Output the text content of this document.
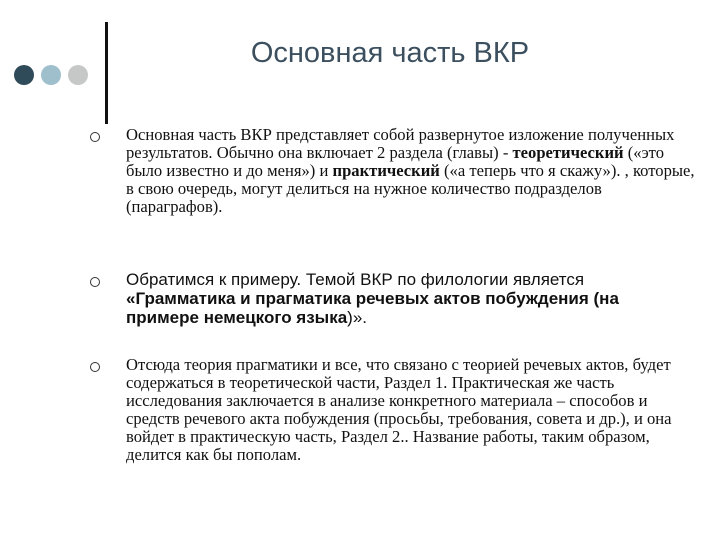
Основная часть ВКР

Основная часть ВКР представляет собой развернутое изложение полученных результатов. Обычно она включает 2 раздела (главы) - теоретический («это было известно и до меня») и практический («а теперь что я скажу»). , которые, в свою очередь, могут делиться на нужное количество подразделов (параграфов).

Обратимся к примеру. Темой ВКР по филологии является «Грамматика и прагматика речевых актов побуждения (на примере немецкого языка)».

Отсюда теория прагматики и все, что связано с теорией речевых актов, будет содержаться в теоретической части, Раздел 1. Практическая же часть исследования заключается в анализе конкретного материала – способов и средств речевого акта побуждения (просьбы, требования, совета и др.), и она войдет в практическую часть, Раздел 2.. Название работы, таким образом, делится как бы пополам.
